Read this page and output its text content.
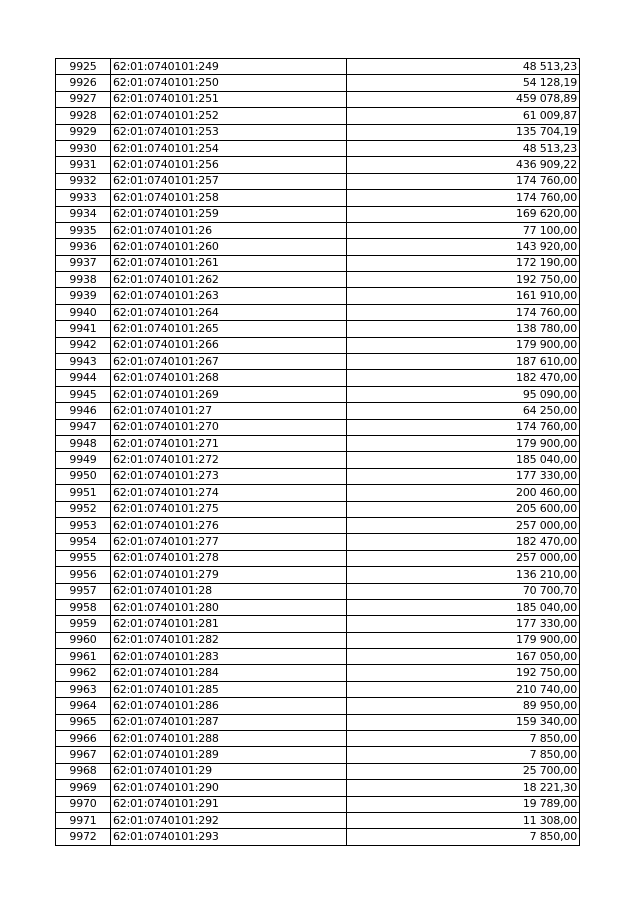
9925	62:01:0740101:249	48 513,23
9926	62:01:0740101:250	54 128,19
9927	62:01:0740101:251	459 078,89
9928	62:01:0740101:252	61 009,87
9929	62:01:0740101:253	135 704,19
9930	62:01:0740101:254	48 513,23
9931	62:01:0740101:256	436 909,22
9932	62:01:0740101:257	174 760,00
9933	62:01:0740101:258	174 760,00
9934	62:01:0740101:259	169 620,00
9935	62:01:0740101:26	77 100,00
9936	62:01:0740101:260	143 920,00
9937	62:01:0740101:261	172 190,00
9938	62:01:0740101:262	192 750,00
9939	62:01:0740101:263	161 910,00
9940	62:01:0740101:264	174 760,00
9941	62:01:0740101:265	138 780,00
9942	62:01:0740101:266	179 900,00
9943	62:01:0740101:267	187 610,00
9944	62:01:0740101:268	182 470,00
9945	62:01:0740101:269	95 090,00
9946	62:01:0740101:27	64 250,00
9947	62:01:0740101:270	174 760,00
9948	62:01:0740101:271	179 900,00
9949	62:01:0740101:272	185 040,00
9950	62:01:0740101:273	177 330,00
9951	62:01:0740101:274	200 460,00
9952	62:01:0740101:275	205 600,00
9953	62:01:0740101:276	257 000,00
9954	62:01:0740101:277	182 470,00
9955	62:01:0740101:278	257 000,00
9956	62:01:0740101:279	136 210,00
9957	62:01:0740101:28	70 700,70
9958	62:01:0740101:280	185 040,00
9959	62:01:0740101:281	177 330,00
9960	62:01:0740101:282	179 900,00
9961	62:01:0740101:283	167 050,00
9962	62:01:0740101:284	192 750,00
9963	62:01:0740101:285	210 740,00
9964	62:01:0740101:286	89 950,00
9965	62:01:0740101:287	159 340,00
9966	62:01:0740101:288	7 850,00
9967	62:01:0740101:289	7 850,00
9968	62:01:0740101:29	25 700,00
9969	62:01:0740101:290	18 221,30
9970	62:01:0740101:291	19 789,00
9971	62:01:0740101:292	11 308,00
9972	62:01:0740101:293	7 850,00
